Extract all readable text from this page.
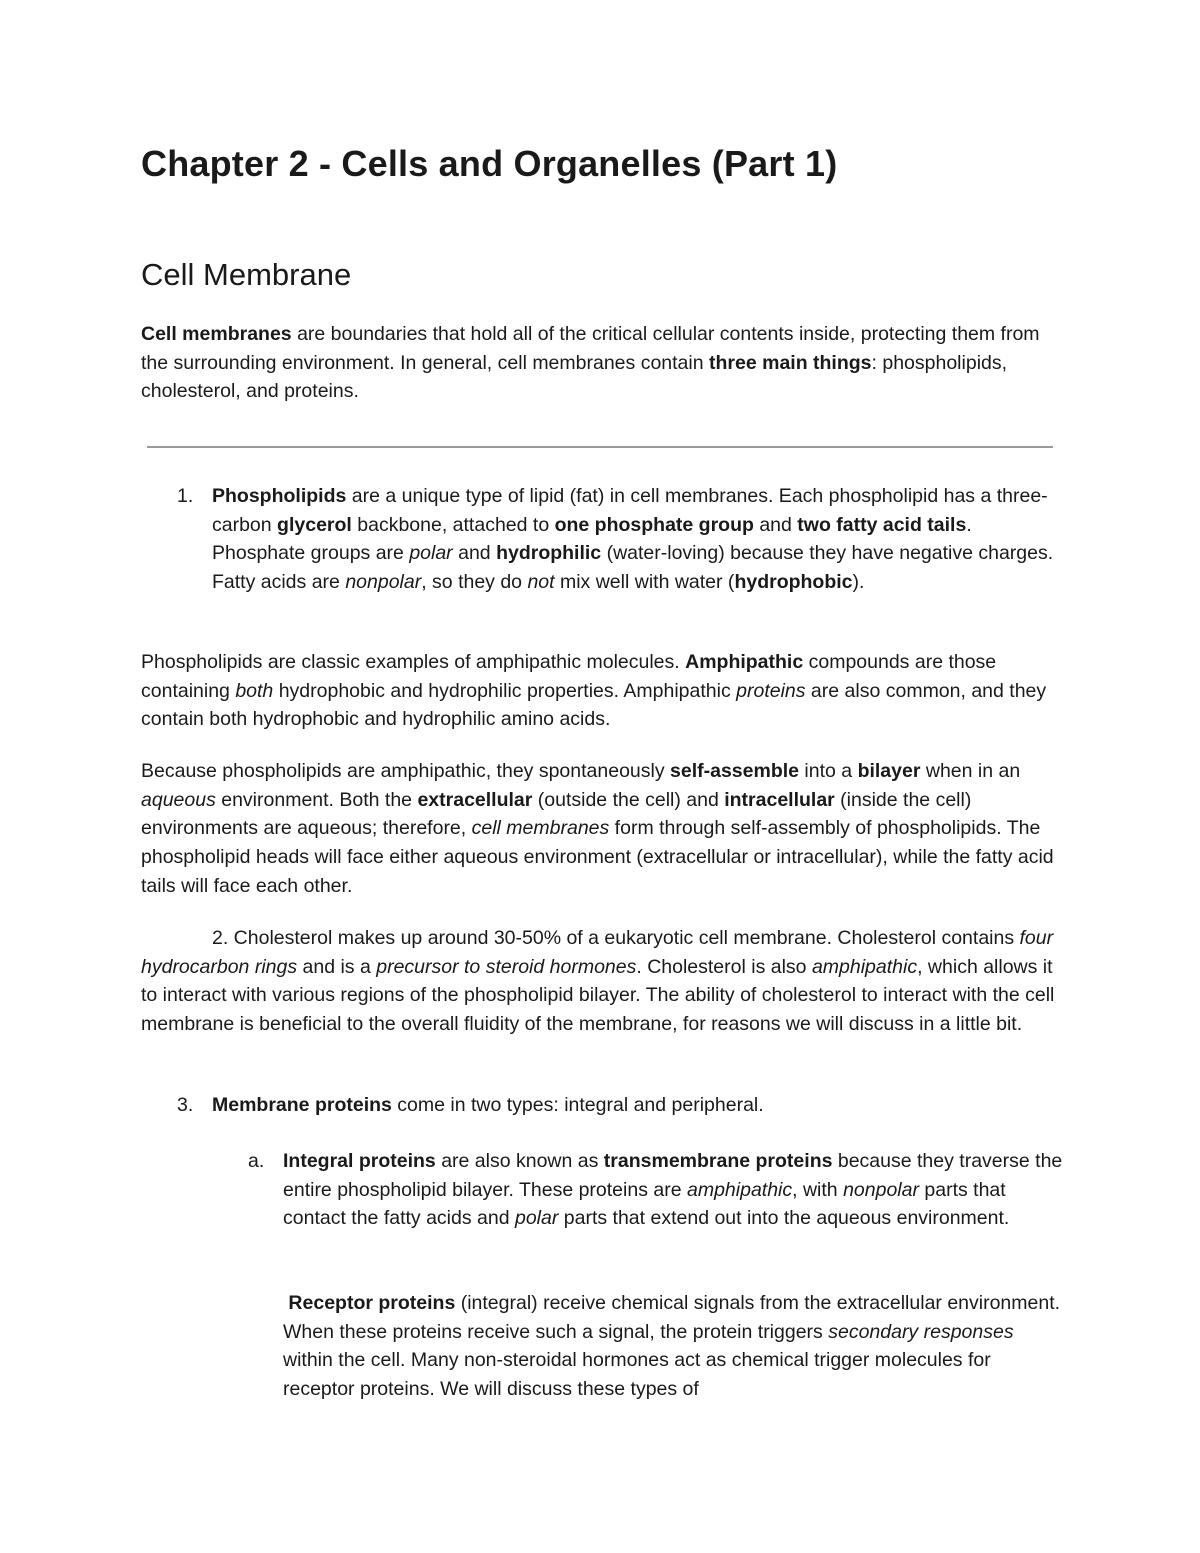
Chapter 2 - Cells and Organelles (Part 1)
Cell Membrane

Cell membranes are boundaries that hold all of the critical cellular contents inside, protecting them from the surrounding environment. In general, cell membranes contain three main things: phospholipids, cholesterol, and proteins.

1. Phospholipids are a unique type of lipid (fat) in cell membranes. Each phospholipid has a three-carbon glycerol backbone, attached to one phosphate group and two fatty acid tails. Phosphate groups are polar and hydrophilic (water-loving) because they have negative charges. Fatty acids are nonpolar, so they do not mix well with water (hydrophobic).

Phospholipids are classic examples of amphipathic molecules. Amphipathic compounds are those containing both hydrophobic and hydrophilic properties. Amphipathic proteins are also common, and they contain both hydrophobic and hydrophilic amino acids.

Because phospholipids are amphipathic, they spontaneously self-assemble into a bilayer when in an aqueous environment. Both the extracellular (outside the cell) and intracellular (inside the cell) environments are aqueous; therefore, cell membranes form through self-assembly of phospholipids. The phospholipid heads will face either aqueous environment (extracellular or intracellular), while the fatty acid tails will face each other.

2. Cholesterol makes up around 30-50% of a eukaryotic cell membrane. Cholesterol contains four hydrocarbon rings and is a precursor to steroid hormones. Cholesterol is also amphipathic, which allows it to interact with various regions of the phospholipid bilayer. The ability of cholesterol to interact with the cell membrane is beneficial to the overall fluidity of the membrane, for reasons we will discuss in a little bit.

3. Membrane proteins come in two types: integral and peripheral.

a. Integral proteins are also known as transmembrane proteins because they traverse the entire phospholipid bilayer. These proteins are amphipathic, with nonpolar parts that contact the fatty acids and polar parts that extend out into the aqueous environment.

Receptor proteins (integral) receive chemical signals from the extracellular environment. When these proteins receive such a signal, the protein triggers secondary responses within the cell. Many non-steroidal hormones act as chemical trigger molecules for receptor proteins. We will discuss these types of
